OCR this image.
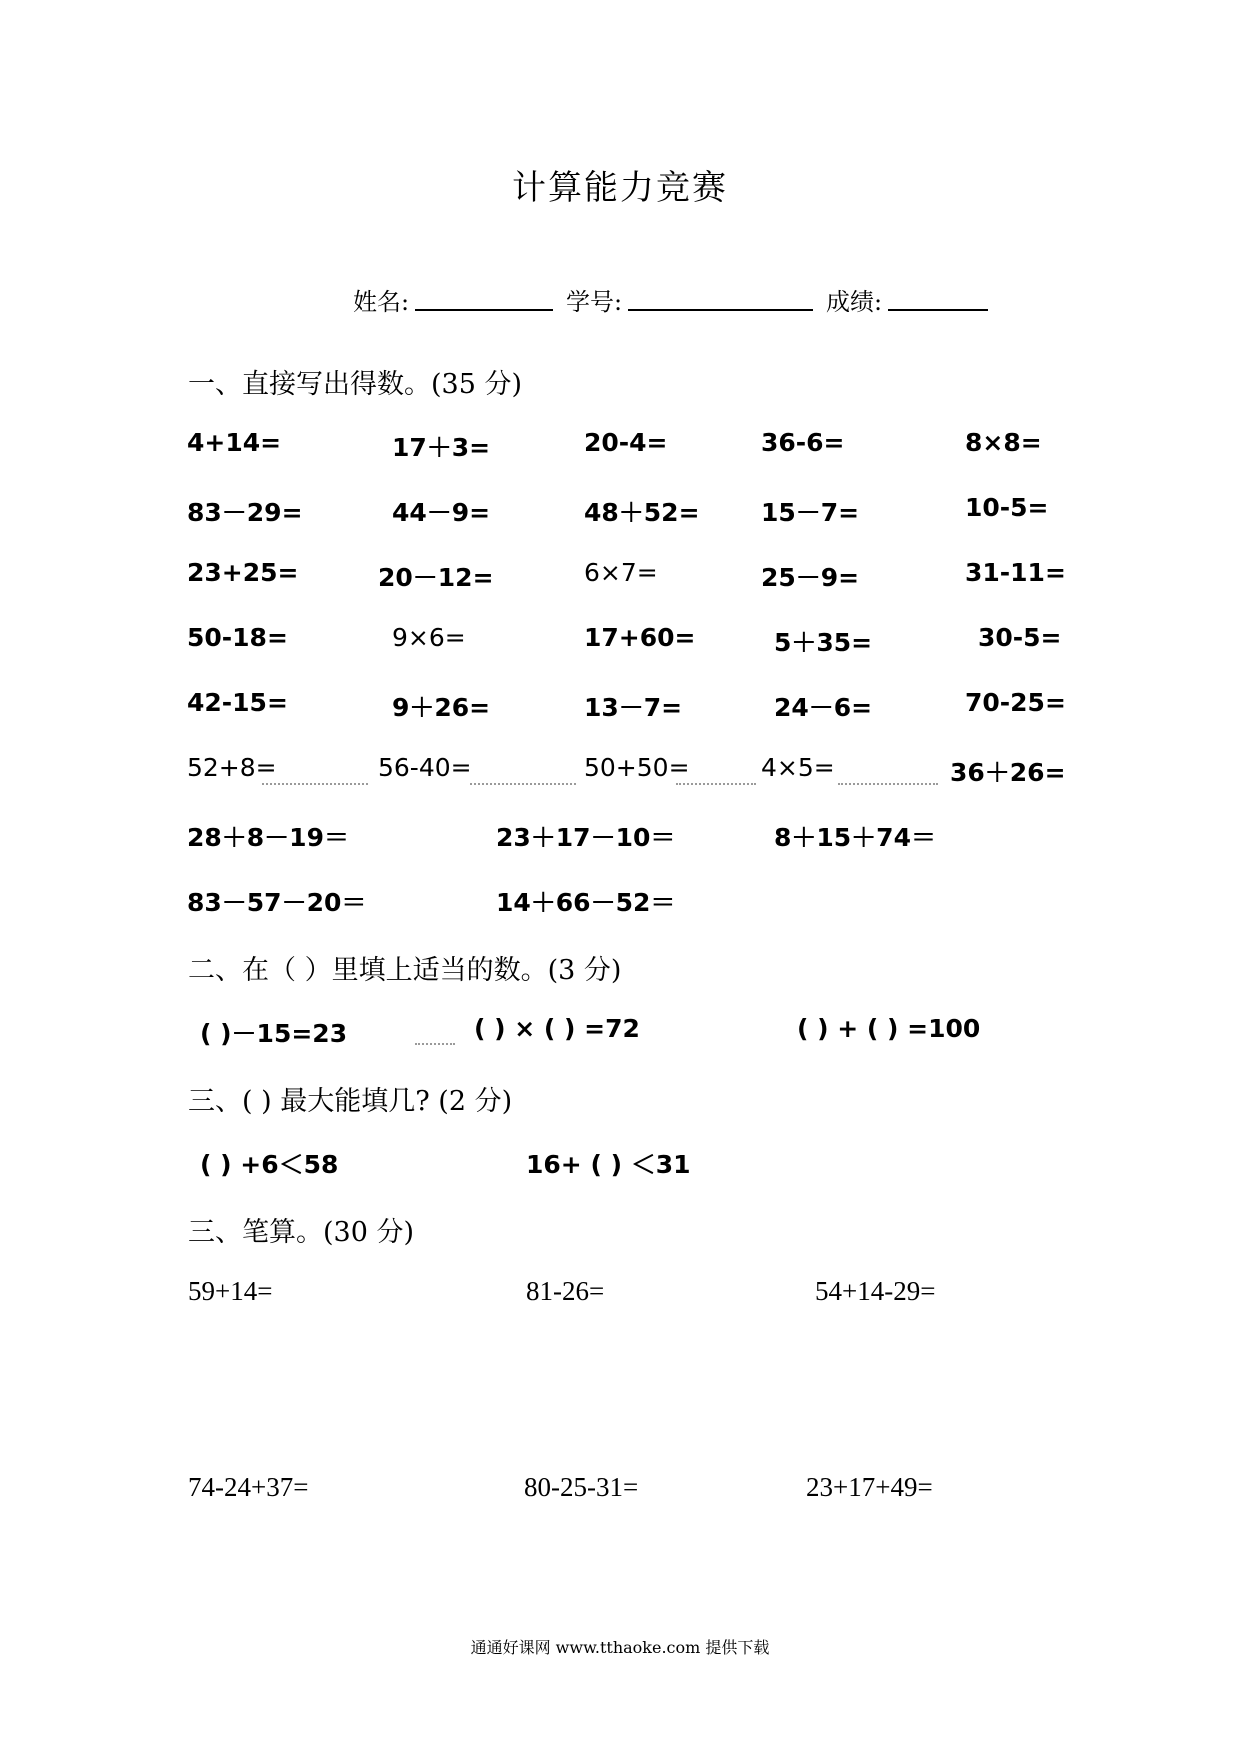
计算能力竞赛
姓名:	学号:	成绩:
一、直接写出得数。(35 分)
4+14=	17＋3=	20-4=	36-6=	8×8=
83－29=	44－9=	48＋52= 15－7=	10-5=
23+25=	20－12=	6×7=	25－9=	31-11=
50-18=	9×6=	17+60=	5＋35=	30-5=
42-15=	9＋26=	13－7=	24－6=	70-25=
52+8=	56-40=	50+50=	4×5=	36＋26=
28＋8－19＝	23＋17－10＝	8＋15＋74＝
83－57－20＝	14＋66－52＝
二、在（ ）里填上适当的数。(3 分)
( )－15=23	( ) × ( ) =72	( ) + ( ) =100
三、( ) 最大能填几? (2 分)
( ) +6＜58	16+ ( ) ＜31
三、笔算。(30 分)
59+14=	81-26=	54+14-29=
74-24+37=	80-25-31=	23+17+49=
通通好课网 www.tthaoke.com 提供下载
